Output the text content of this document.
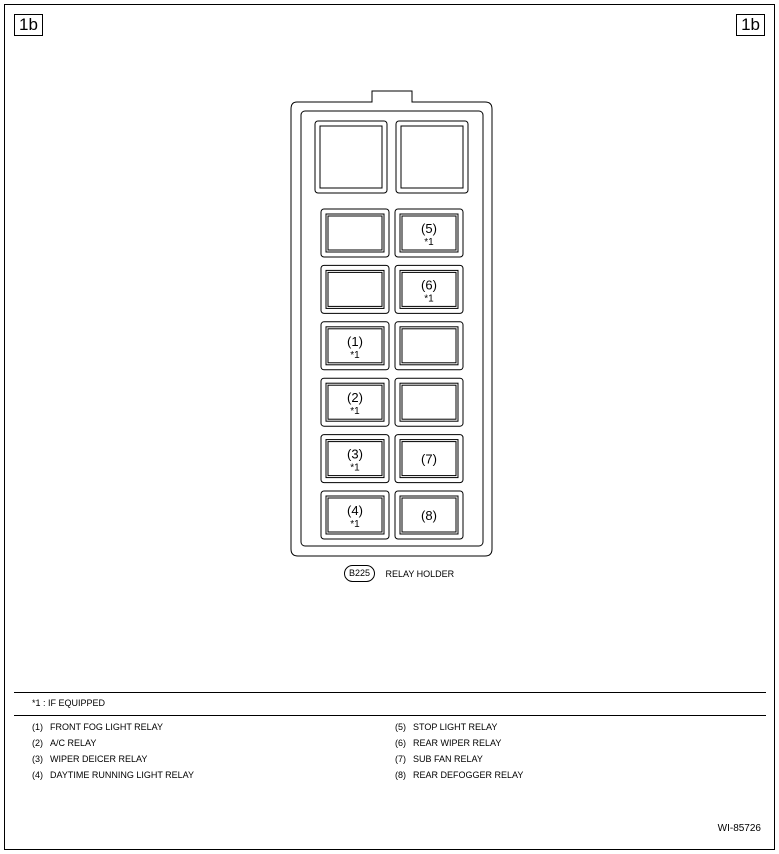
1b	1b
(1)
*1
(2)
*1
(3)
*1
(4)
*1
(5)
*1
(6)
*1
(7)
(8)
B225 RELAY HOLDER
*1 : IF EQUIPPED
(1) FRONT FOG LIGHT RELAY
(2) A/C RELAY
(3) WIPER DEICER RELAY
(4) DAYTIME RUNNING LIGHT RELAY
(5) STOP LIGHT RELAY
(6) REAR WIPER RELAY
(7) SUB FAN RELAY
(8) REAR DEFOGGER RELAY
WI-85726
